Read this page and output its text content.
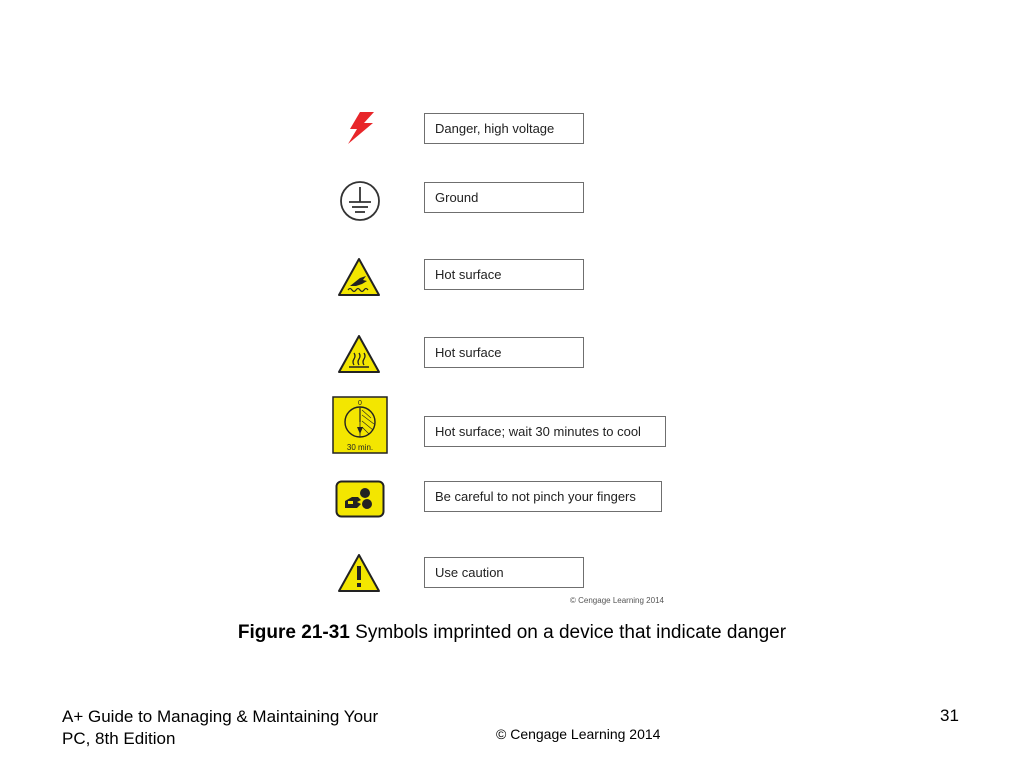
Danger, high voltage
Ground
Hot surface
Hot surface
0
30 min.
Hot surface; wait 30 minutes to cool
Be careful to not pinch your fingers
Use caution
© Cengage Learning 2014
Figure 21-31 Symbols imprinted on a device that indicate danger
A+ Guide to Managing & Maintaining Your
PC, 8th Edition	© Cengage Learning 2014
31
